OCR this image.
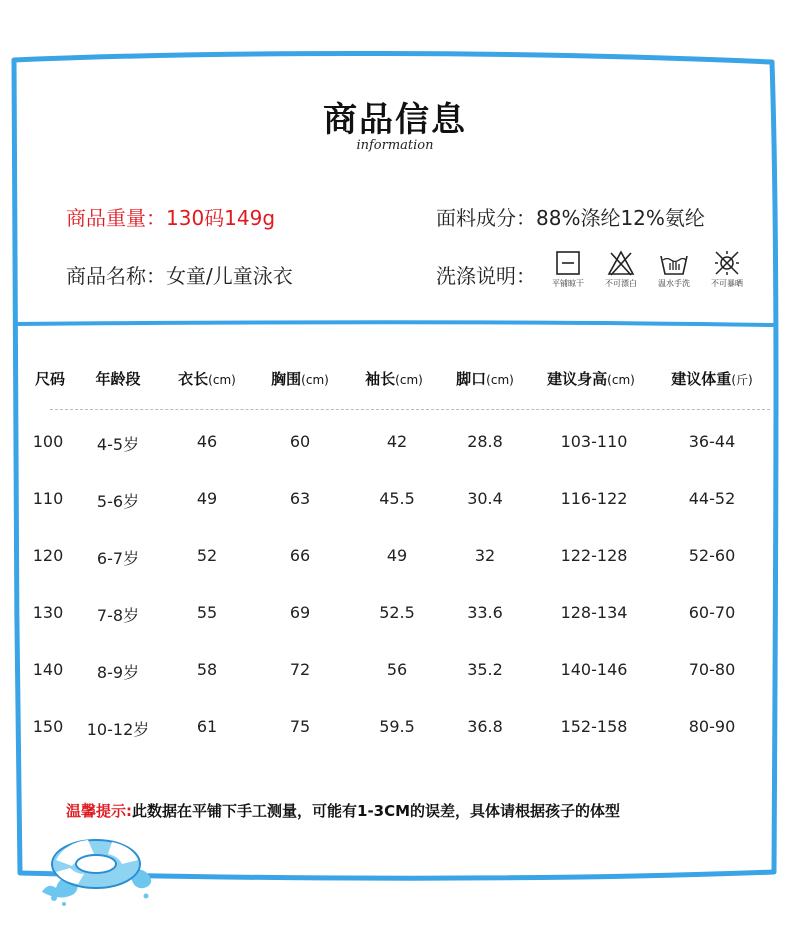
商品信息
information
商品重量：130码149g
商品名称：女童/儿童泳衣
面料成分：88%涤纶12%氨纶
洗涤说明：	平铺晾干	不可漂白	温水手洗	不可暴晒
尺码 年龄段	衣长(cm) 胸围(cm) 袖长(cm) 脚口(cm) 建议身高(cm) 建议体重(斤)
100 4-5岁	46	60	42	28.8	103-110	36-44
110 5-6岁	49	63	45.5	30.4	116-122	44-52
120 6-7岁	52	66	49	32	122-128	52-60
130 7-8岁	55	69	52.5	33.6	128-134	60-70
140 8-9岁	58	72	56	35.2	140-146	70-80
150 10-12岁	61	75	59.5	36.8	152-158	80-90
温馨提示:此数据在平铺下手工测量，可能有1-3CM的误差，具体请根据孩子的体型
